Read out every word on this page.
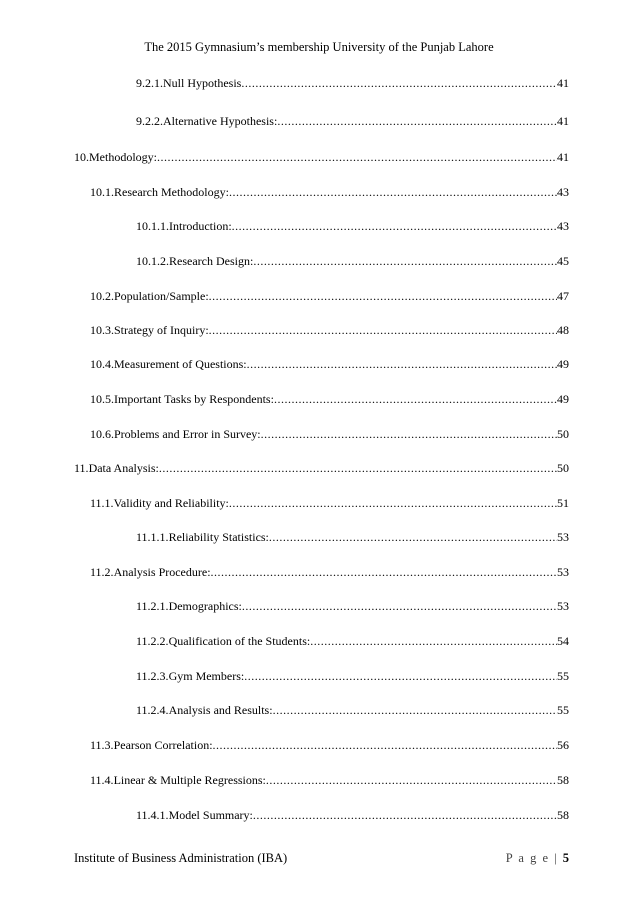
The 2015 Gymnasium’s membership University of the Punjab Lahore
9.2.1. Null Hypothesis .....	41
9.2.2. Alternative Hypothesis: .....	41
10. Methodology: .....	41
10.1. Research Methodology: .....	43
10.1.1. Introduction: .....	43
10.1.2. Research Design: .....	45
10.2. Population/Sample: .....	47
10.3. Strategy of Inquiry: .....	48
10.4. Measurement of Questions: .....	49
10.5. Important Tasks by Respondents: .....	49
10.6. Problems and Error in Survey: .....	50
11. Data Analysis: .....	50
11.1. Validity and Reliability: .....	51
11.1.1. Reliability Statistics: .....	53
11.2. Analysis Procedure: .....	53
11.2.1. Demographics: .....	53
11.2.2. Qualification of the Students: .....	54
11.2.3. Gym Members: .....	55
11.2.4. Analysis and Results: .....	55
11.3. Pearson Correlation: .....	56
11.4. Linear & Multiple Regressions: .....	58
11.4.1. Model Summary: .....	58
Institute of Business Administration (IBA)	P a g e | 5
